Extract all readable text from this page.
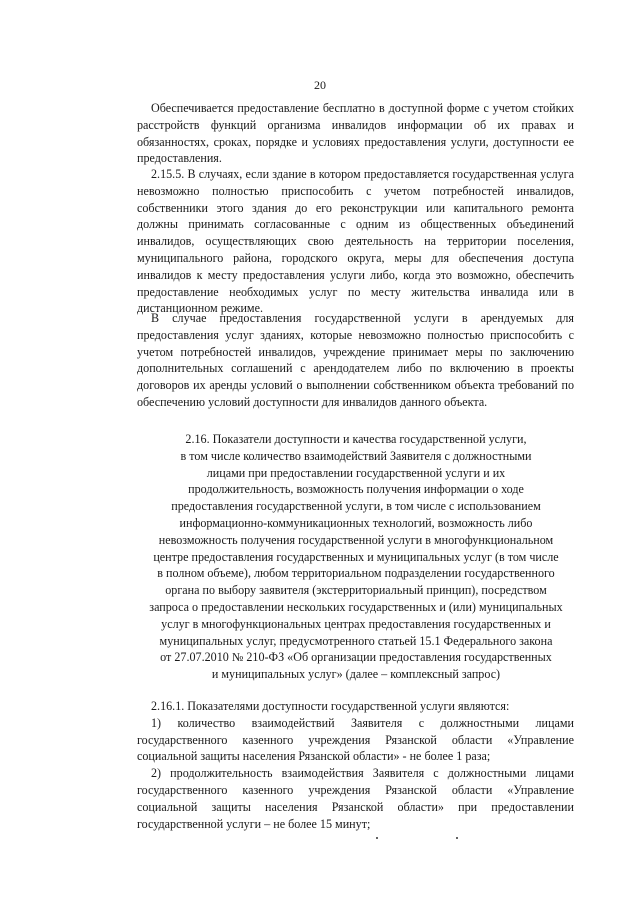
20

Обеспечивается предоставление бесплатно в доступной форме с учетом стойких расстройств функций организма инвалидов информации об их правах и обязанностях, сроках, порядке и условиях предоставления услуги, доступности ее предоставления.

2.15.5. В случаях, если здание в котором предоставляется государственная услуга невозможно полностью приспособить с учетом потребностей инвалидов, собственники этого здания до его реконструкции или капитального ремонта должны принимать согласованные с одним из общественных объединений инвалидов, осуществляющих свою деятельность на территории поселения, муниципального района, городского округа, меры для обеспечения доступа инвалидов к месту предоставления услуги либо, когда это возможно, обеспечить предоставление необходимых услуг по месту жительства инвалида или в дистанционном режиме.

В случае предоставления государственной услуги в арендуемых для предоставления услуг зданиях, которые невозможно полностью приспособить с учетом потребностей инвалидов, учреждение принимает меры по заключению дополнительных соглашений с арендодателем либо по включению в проекты договоров их аренды условий о выполнении собственником объекта требований по обеспечению условий доступности для инвалидов данного объекта.

2.16. Показатели доступности и качества государственной услуги,
в том числе количество взаимодействий Заявителя с должностными
лицами при предоставлении государственной услуги и их
продолжительность, возможность получения информации о ходе
предоставления государственной услуги, в том числе с использованием
информационно-коммуникационных технологий, возможность либо
невозможность получения государственной услуги в многофункциональном
центре предоставления государственных и муниципальных услуг (в том числе
в полном объеме), любом территориальном подразделении государственного
органа по выбору заявителя (экстерриториальный принцип), посредством
запроса о предоставлении нескольких государственных и (или) муниципальных
услуг в многофункциональных центрах предоставления государственных и
муниципальных услуг, предусмотренного статьей 15.1 Федерального закона
от 27.07.2010 № 210-ФЗ «Об организации предоставления государственных
и муниципальных услуг» (далее – комплексный запрос)

2.16.1. Показателями доступности государственной услуги являются:

1) количество взаимодействий Заявителя с должностными лицами государственного казенного учреждения Рязанской области «Управление социальной защиты населения Рязанской области» - не более 1 раза;

2) продолжительность взаимодействия Заявителя с должностными лицами государственного казенного учреждения Рязанской области «Управление социальной защиты населения Рязанской области» при предоставлении государственной услуги – не более 15 минут;
